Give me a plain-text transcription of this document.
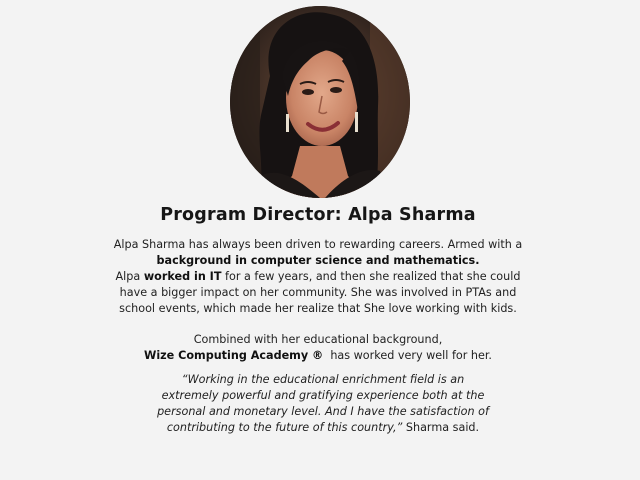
Program Director: Alpa Sharma

Alpa Sharma has always been driven to rewarding careers. Armed with a
background in computer science and mathematics.
Alpa worked in IT for a few years, and then she realized that she could
have a bigger impact on her community. She was involved in PTAs and
school events, which made her realize that She love working with kids.

Combined with her educational background,
Wize Computing Academy ®  has worked very well for her.

“Working in the educational enrichment field is an
extremely powerful and gratifying experience both at the
personal and monetary level. And I have the satisfaction of
contributing to the future of this country,” Sharma said.
